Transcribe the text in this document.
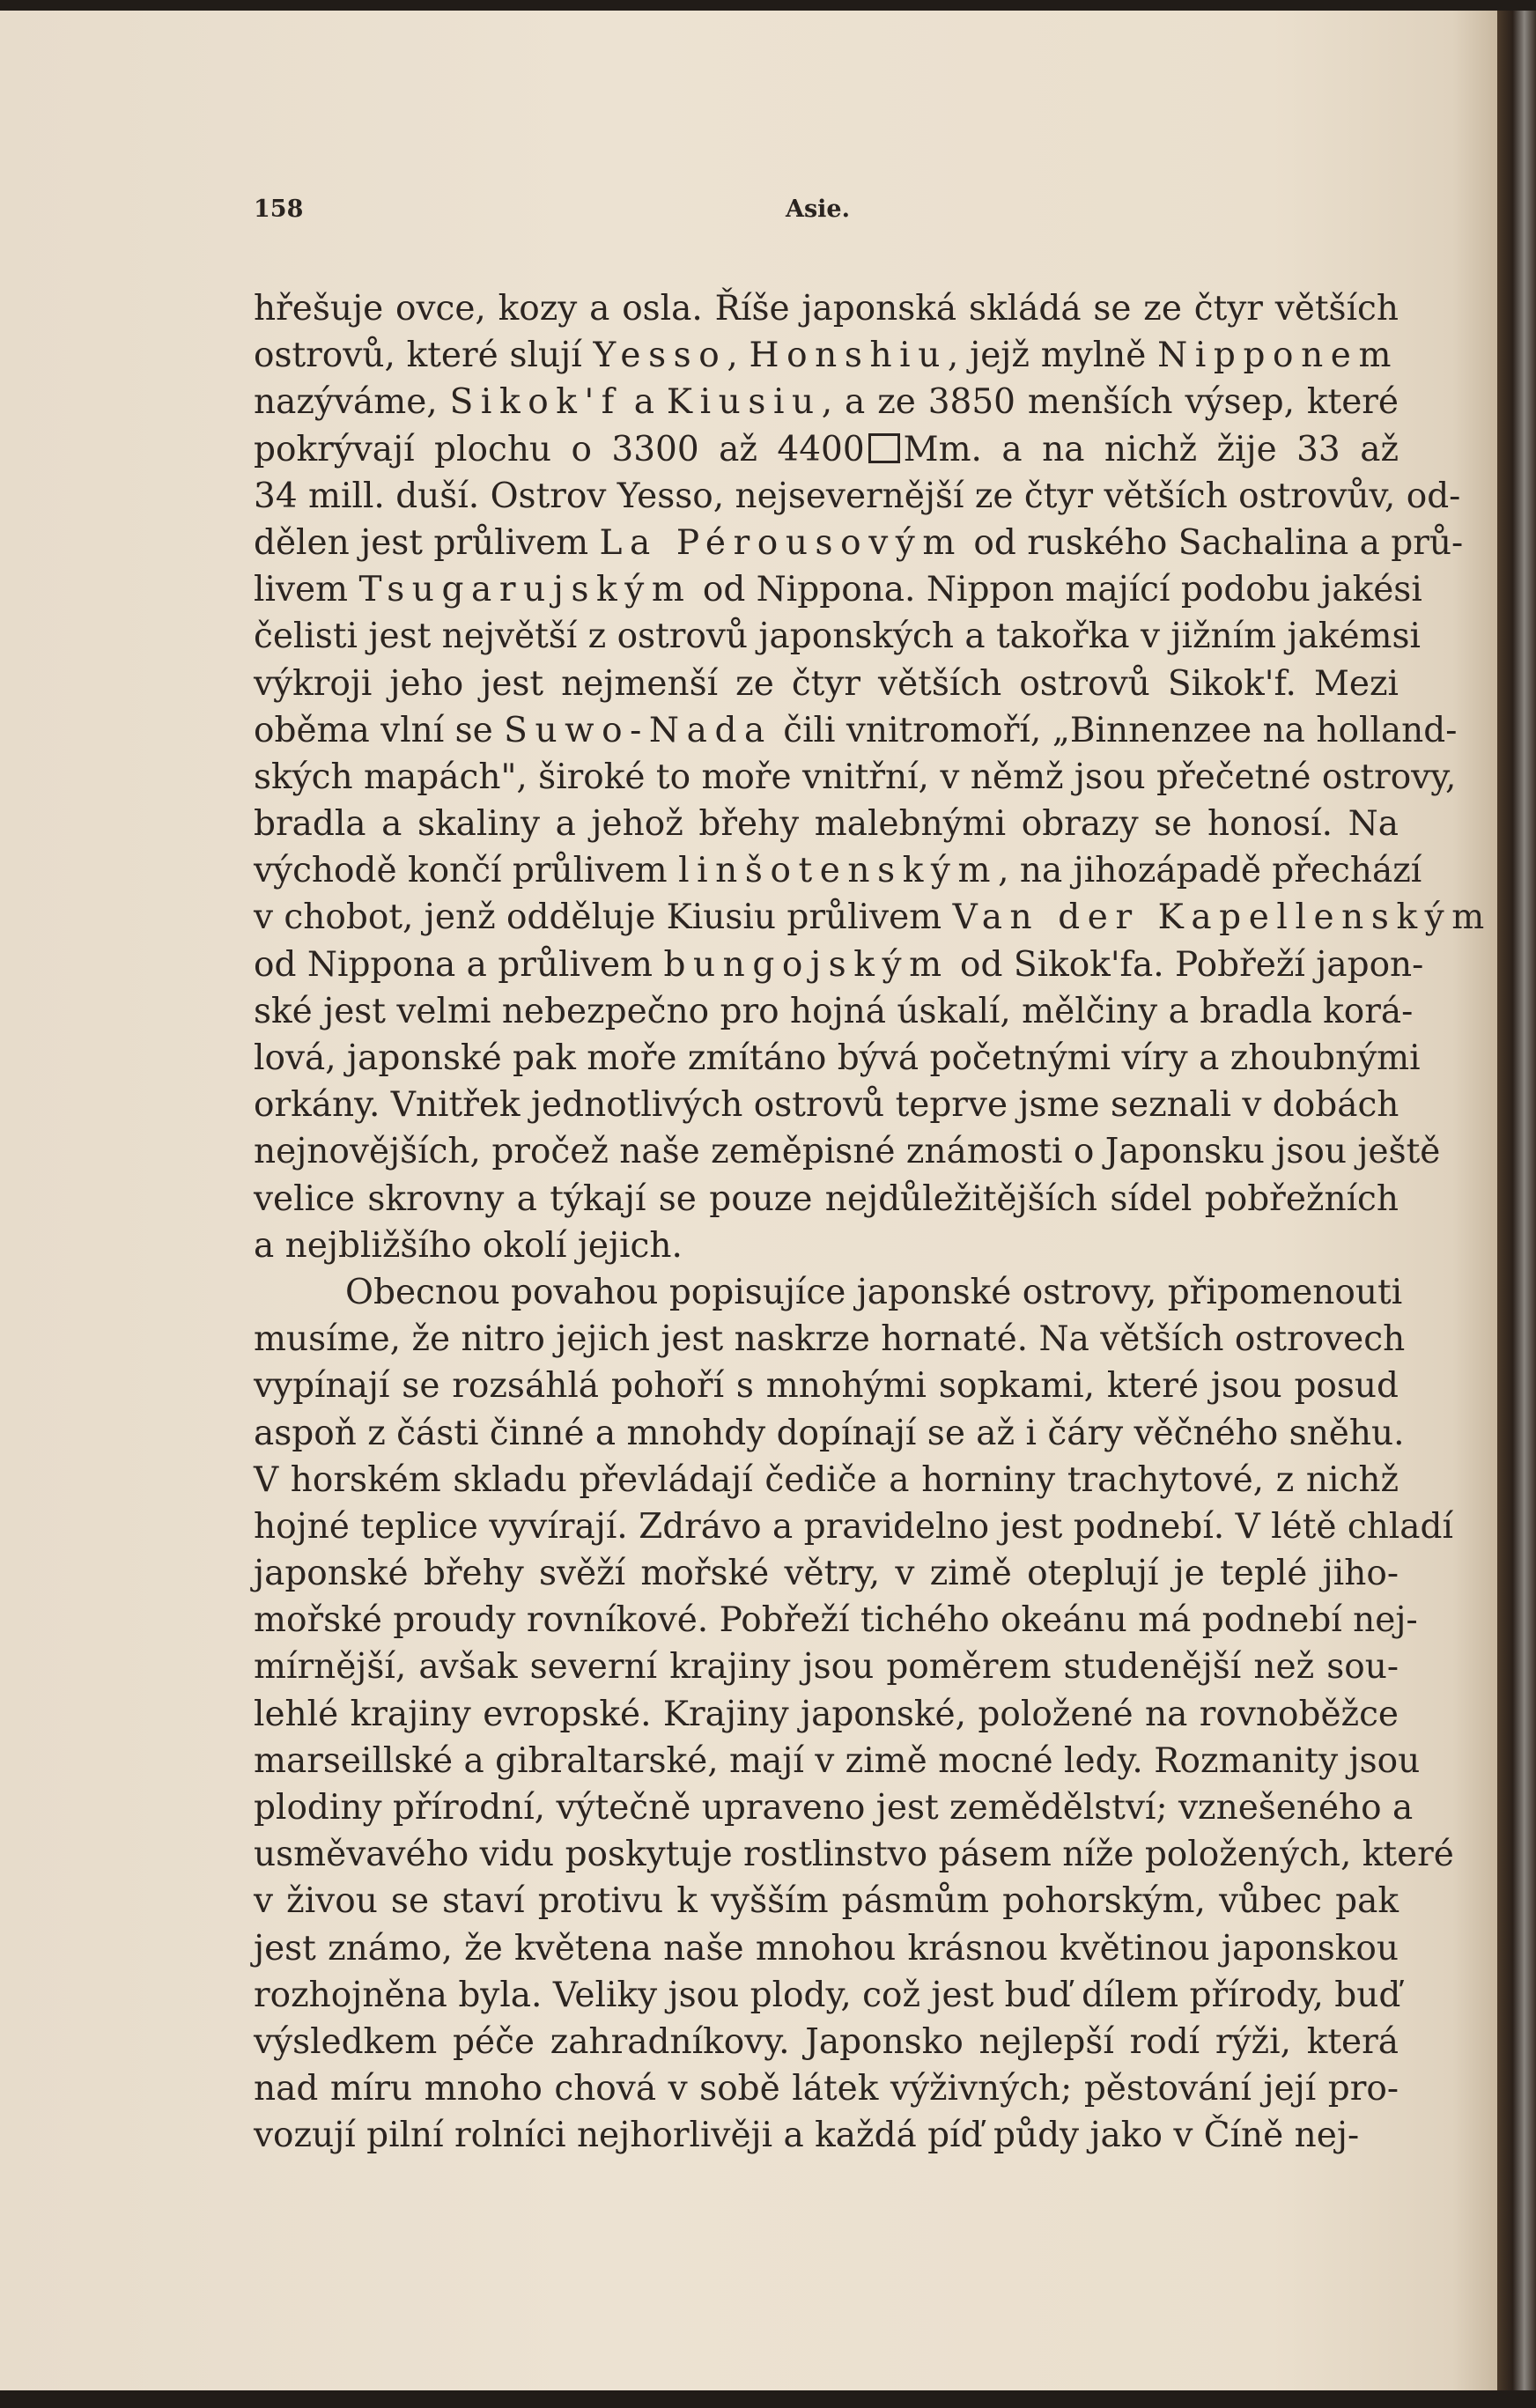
158	Asie.
hřešuje ovce, kozy a osla. Říše japonská skládá se ze čtyr větších
ostrovů, které slují Yesso, Honshiu, jejž mylně Nipponem
nazýváme, Sikok'f a Kiusiu, a ze 3850 menších výsep, které
pokrývají plochu o 3300 až 4400 Mm. a na nichž žije 33 až
34 mill. duší. Ostrov Yesso, nejsevernější ze čtyr větších ostrovův, od-
dělen jest průlivem La Pérousovým od ruského Sachalina a prů-
livem Tsugarujským od Nippona. Nippon mající podobu jakési
čelisti jest největší z ostrovů japonských a takořka v jižním jakémsi
výkroji jeho jest nejmenší ze čtyr větších ostrovů Sikok'f. Mezi
oběma vlní se Suwo-Nada čili vnitromoří, „Binnenzee na holland-
ských mapách", široké to moře vnitřní, v němž jsou přečetné ostrovy,
bradla a skaliny a jehož břehy malebnými obrazy se honosí. Na
východě končí průlivem linšotenským, na jihozápadě přechází
v chobot, jenž odděluje Kiusiu průlivem Van der Kapellenským
od Nippona a průlivem bungojským od Sikok'fa. Pobřeží japon-
ské jest velmi nebezpečno pro hojná úskalí, mělčiny a bradla korá-
lová, japonské pak moře zmítáno bývá početnými víry a zhoubnými
orkány. Vnitřek jednotlivých ostrovů teprve jsme seznali v dobách
nejnovějších, pročež naše zeměpisné známosti o Japonsku jsou ještě
velice skrovny a týkají se pouze nejdůležitějších sídel pobřežních
a nejbližšího okolí jejich.
Obecnou povahou popisujíce japonské ostrovy, připomenouti
musíme, že nitro jejich jest naskrze hornaté. Na větších ostrovech
vypínají se rozsáhlá pohoří s mnohými sopkami, které jsou posud
aspoň z části činné a mnohdy dopínají se až i čáry věčného sněhu.
V horském skladu převládají čediče a horniny trachytové, z nichž
hojné teplice vyvírají. Zdrávo a pravidelno jest podnebí. V létě chladí
japonské břehy svěží mořské větry, v zimě oteplují je teplé jiho-
mořské proudy rovníkové. Pobřeží tichého okeánu má podnebí nej-
mírnější, avšak severní krajiny jsou poměrem studenější než sou-
lehlé krajiny evropské. Krajiny japonské, položené na rovnoběžce
marseillské a gibraltarské, mají v zimě mocné ledy. Rozmanity jsou
plodiny přírodní, výtečně upraveno jest zemědělství; vznešeného a
usměvavého vidu poskytuje rostlinstvo pásem níže položených, které
v živou se staví protivu k vyšším pásmům pohorským, vůbec pak
jest známo, že květena naše mnohou krásnou květinou japonskou
rozhojněna byla. Veliky jsou plody, což jest buď dílem přírody, buď
výsledkem péče zahradníkovy. Japonsko nejlepší rodí rýži, která
nad míru mnoho chová v sobě látek výživných; pěstování její pro-
vozují pilní rolníci nejhorlivěji a každá píď půdy jako v Číně nej-
